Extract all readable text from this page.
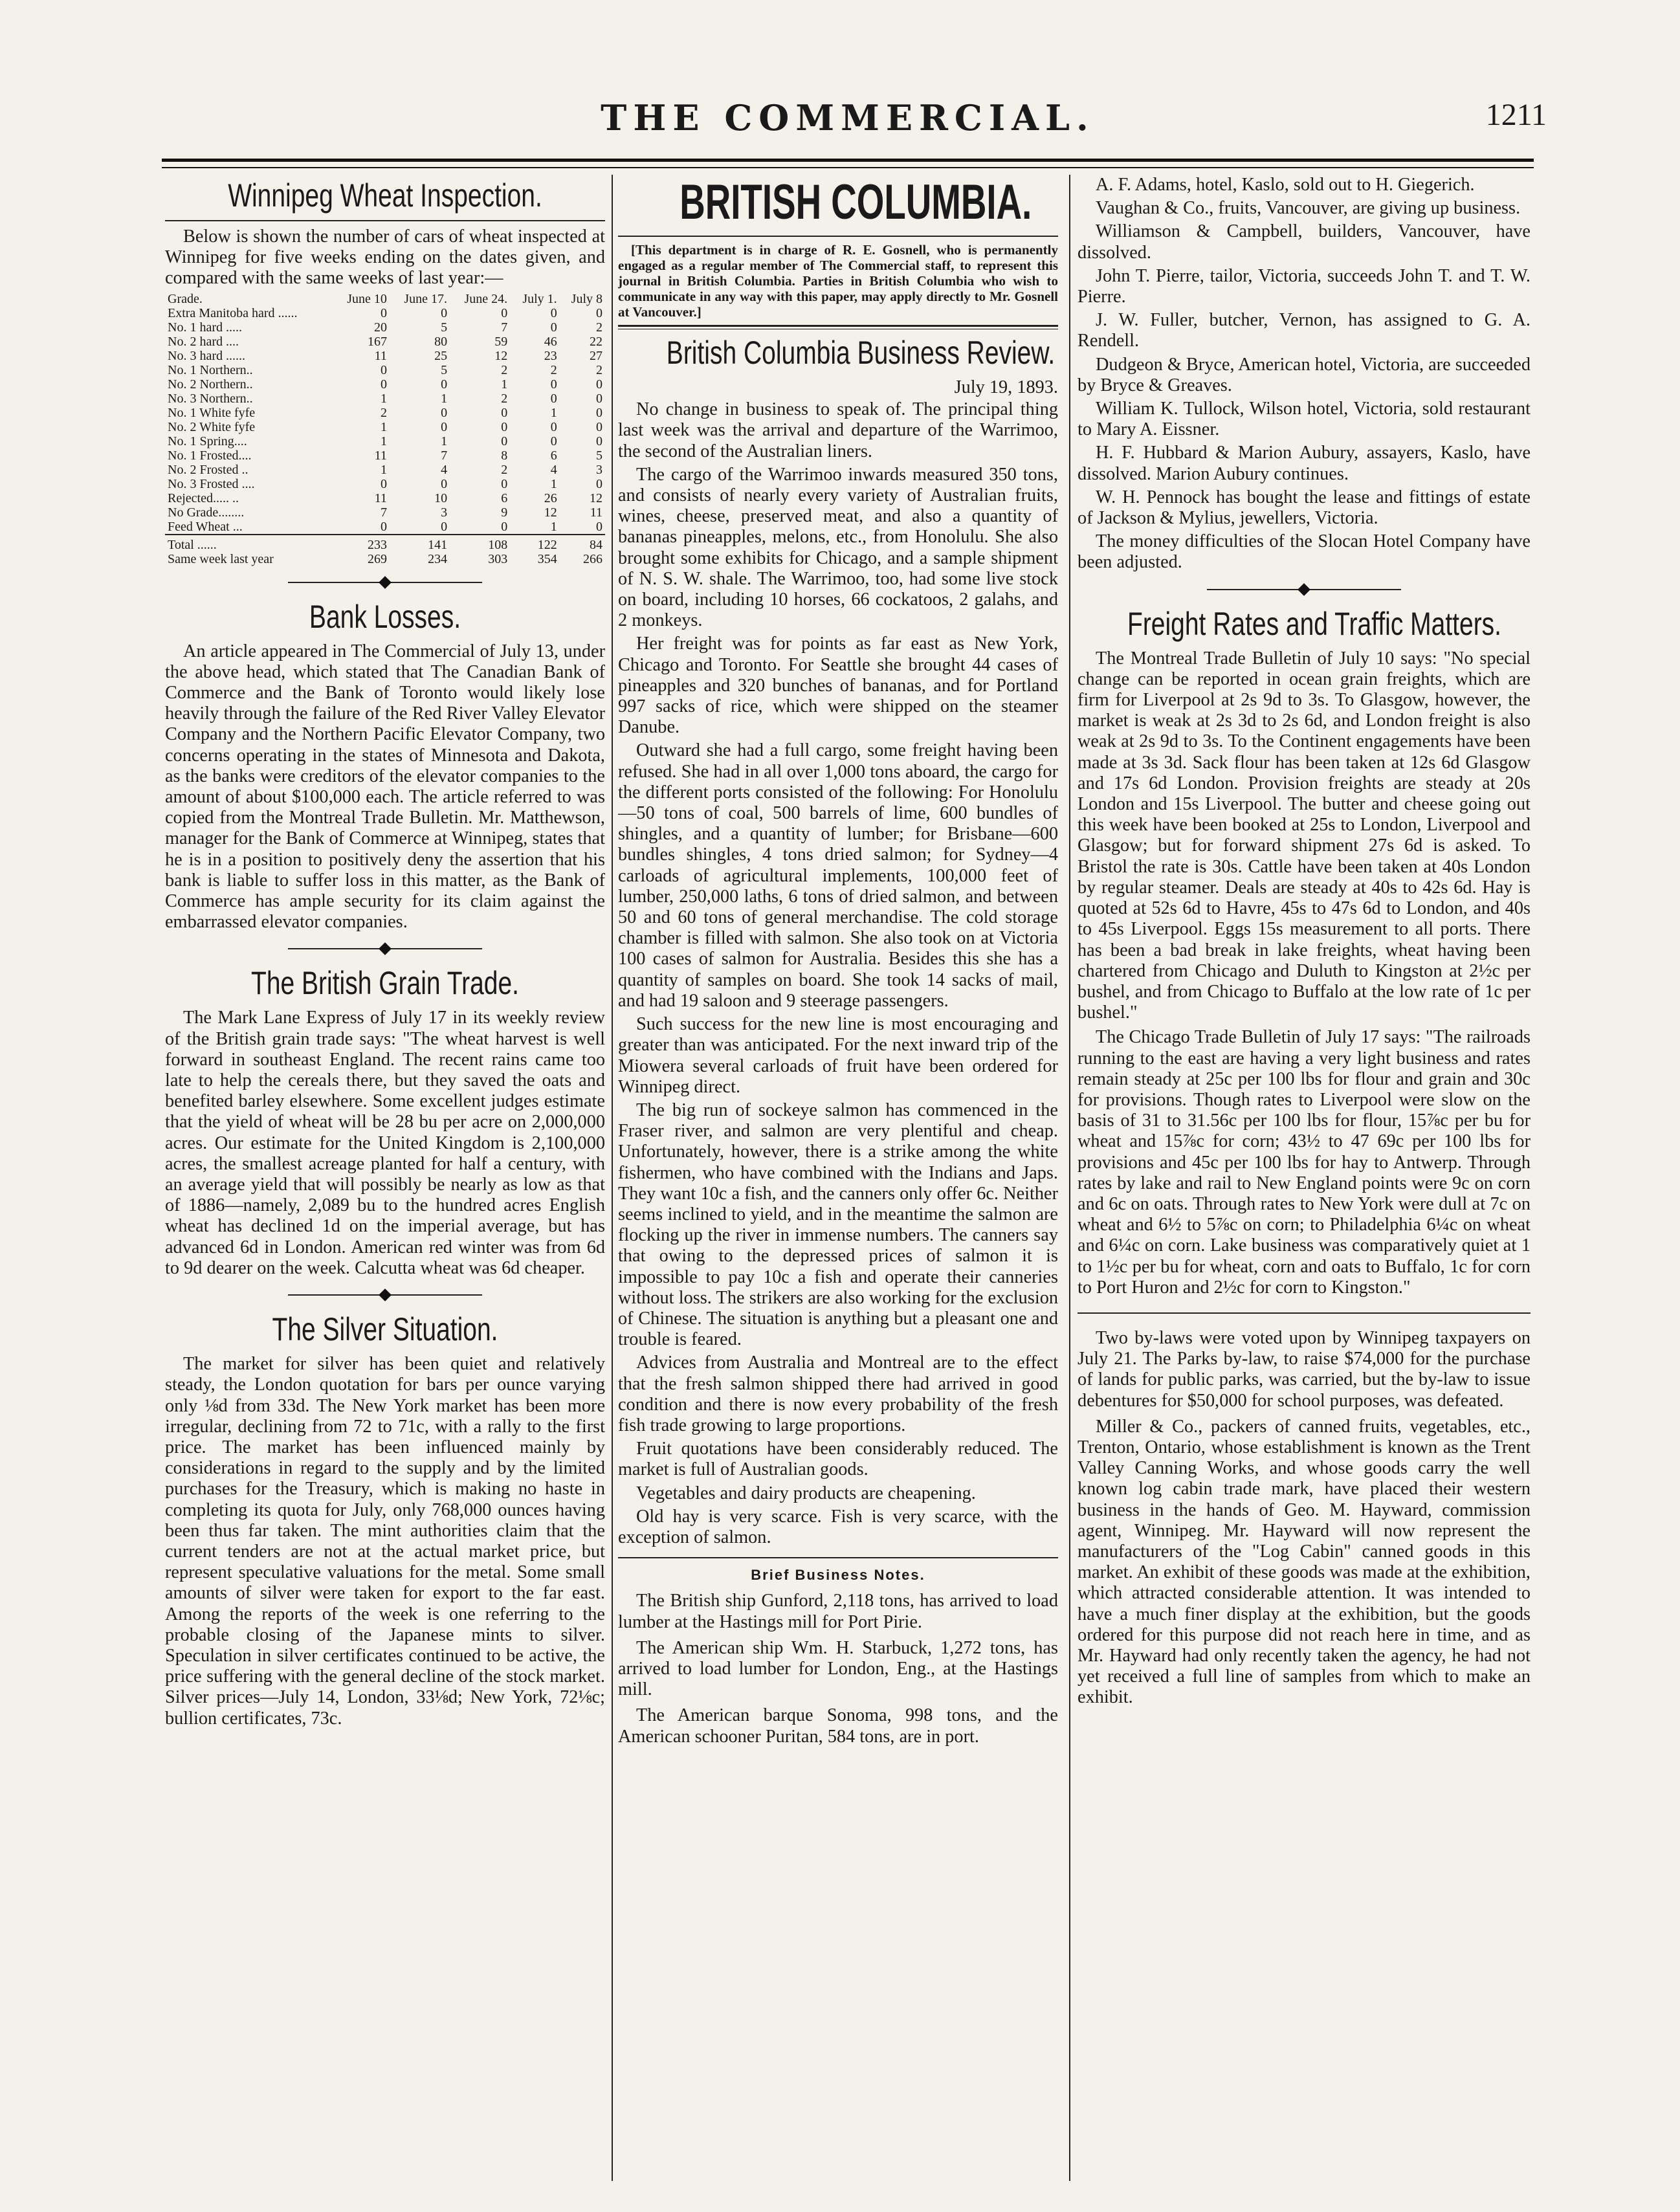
THE COMMERCIAL.	1211
Winnipeg Wheat Inspection.

Below is shown the number of cars of wheat inspected at Winnipeg for five weeks ending on the dates given, and compared with the same weeks of last year:—

Grade.	June 10	June 17.	June 24.	July 1.	July 8
Extra Manitoba hard ......	0	0	0	0	0
No. 1 hard .....	20	5	7	0	2
No. 2 hard ....	167	80	59	46	22
No. 3 hard ......	11	25	12	23	27
No. 1 Northern..	0	5	2	2	2
No. 2 Northern..	0	0	1	0	0
No. 3 Northern..	1	1	2	0	0
No. 1 White fyfe	2	0	0	1	0
No. 2 White fyfe	1	0	0	0	0
No. 1 Spring....	1	1	0	0	0
No. 1 Frosted....	11	7	8	6	5
No. 2 Frosted ..	1	4	2	4	3
No. 3 Frosted ....	0	0	0	1	0
Rejected..... ..	11	10	6	26	12
No Grade........	7	3	9	12	11
Feed Wheat ...	0	0	0	1	0
Total ......	233	141	108	122	84
Same week last year	269	234	303	354	266
Bank Losses.

An article appeared in The Commercial of July 13, under the above head, which stated that The Canadian Bank of Commerce and the Bank of Toronto would likely lose heavily through the failure of the Red River Valley Elevator Company and the Northern Pacific Elevator Company, two concerns operating in the states of Minnesota and Dakota, as the banks were creditors of the elevator companies to the amount of about $100,000 each. The article referred to was copied from the Montreal Trade Bulletin. Mr. Matthewson, manager for the Bank of Commerce at Winnipeg, states that he is in a position to positively deny the assertion that his bank is liable to suffer loss in this matter, as the Bank of Commerce has ample security for its claim against the embarrassed elevator companies.

The British Grain Trade.

The Mark Lane Express of July 17 in its weekly review of the British grain trade says: "The wheat harvest is well forward in southeast England. The recent rains came too late to help the cereals there, but they saved the oats and benefited barley elsewhere. Some excellent judges estimate that the yield of wheat will be 28 bu per acre on 2,000,000 acres. Our estimate for the United Kingdom is 2,100,000 acres, the smallest acreage planted for half a century, with an average yield that will possibly be nearly as low as that of 1886—namely, 2,089 bu to the hundred acres English wheat has declined 1d on the imperial average, but has advanced 6d in London. American red winter was from 6d to 9d dearer on the week. Calcutta wheat was 6d cheaper.

The Silver Situation.

The market for silver has been quiet and relatively steady, the London quotation for bars per ounce varying only ⅛d from 33d. The New York market has been more irregular, declining from 72 to 71c, with a rally to the first price. The market has been influenced mainly by considerations in regard to the supply and by the limited purchases for the Treasury, which is making no haste in completing its quota for July, only 768,000 ounces having been thus far taken. The mint authorities claim that the current tenders are not at the actual market price, but represent speculative valuations for the metal. Some small amounts of silver were taken for export to the far east. Among the reports of the week is one referring to the probable closing of the Japanese mints to silver. Speculation in silver certificates continued to be active, the price suffering with the general decline of the stock market. Silver prices—July 14, London, 33⅛d; New York, 72⅛c; bullion certificates, 73c.

BRITISH COLUMBIA.

[This department is in charge of R. E. Gosnell, who is permanently engaged as a regular member of The Commercial staff, to represent this journal in British Columbia. Parties in British Columbia who wish to communicate in any way with this paper, may apply directly to Mr. Gosnell at Vancouver.]

British Columbia Business Review.

July 19, 1893.

No change in business to speak of. The principal thing last week was the arrival and departure of the Warrimoo, the second of the Australian liners.

The cargo of the Warrimoo inwards measured 350 tons, and consists of nearly every variety of Australian fruits, wines, cheese, preserved meat, and also a quantity of bananas pineapples, melons, etc., from Honolulu. She also brought some exhibits for Chicago, and a sample shipment of N. S. W. shale. The Warrimoo, too, had some live stock on board, including 10 horses, 66 cockatoos, 2 galahs, and 2 monkeys.

Her freight was for points as far east as New York, Chicago and Toronto. For Seattle she brought 44 cases of pineapples and 320 bunches of bananas, and for Portland 997 sacks of rice, which were shipped on the steamer Danube.

Outward she had a full cargo, some freight having been refused. She had in all over 1,000 tons aboard, the cargo for the different ports consisted of the following: For Honolulu—50 tons of coal, 500 barrels of lime, 600 bundles of shingles, and a quantity of lumber; for Brisbane—600 bundles shingles, 4 tons dried salmon; for Sydney—4 carloads of agricultural implements, 100,000 feet of lumber, 250,000 laths, 6 tons of dried salmon, and between 50 and 60 tons of general merchandise. The cold storage chamber is filled with salmon. She also took on at Victoria 100 cases of salmon for Australia. Besides this she has a quantity of samples on board. She took 14 sacks of mail, and had 19 saloon and 9 steerage passengers.

Such success for the new line is most encouraging and greater than was anticipated. For the next inward trip of the Miowera several carloads of fruit have been ordered for Winnipeg direct.

The big run of sockeye salmon has commenced in the Fraser river, and salmon are very plentiful and cheap. Unfortunately, however, there is a strike among the white fishermen, who have combined with the Indians and Japs. They want 10c a fish, and the canners only offer 6c. Neither seems inclined to yield, and in the meantime the salmon are flocking up the river in immense numbers. The canners say that owing to the depressed prices of salmon it is impossible to pay 10c a fish and operate their canneries without loss. The strikers are also working for the exclusion of Chinese. The situation is anything but a pleasant one and trouble is feared.

Advices from Australia and Montreal are to the effect that the fresh salmon shipped there had arrived in good condition and there is now every probability of the fresh fish trade growing to large proportions.

Fruit quotations have been considerably reduced. The market is full of Australian goods.

Vegetables and dairy products are cheapening.

Old hay is very scarce. Fish is very scarce, with the exception of salmon.

Brief Business Notes.

The British ship Gunford, 2,118 tons, has arrived to load lumber at the Hastings mill for Port Pirie.

The American ship Wm. H. Starbuck, 1,272 tons, has arrived to load lumber for London, Eng., at the Hastings mill.

The American barque Sonoma, 998 tons, and the American schooner Puritan, 584 tons, are in port.

A. F. Adams, hotel, Kaslo, sold out to H. Giegerich.

Vaughan & Co., fruits, Vancouver, are giving up business.

Williamson & Campbell, builders, Vancouver, have dissolved.

John T. Pierre, tailor, Victoria, succeeds John T. and T. W. Pierre.

J. W. Fuller, butcher, Vernon, has assigned to G. A. Rendell.

Dudgeon & Bryce, American hotel, Victoria, are succeeded by Bryce & Greaves.

William K. Tullock, Wilson hotel, Victoria, sold restaurant to Mary A. Eissner.

H. F. Hubbard & Marion Aubury, assayers, Kaslo, have dissolved. Marion Aubury continues.

W. H. Pennock has bought the lease and fittings of estate of Jackson & Mylius, jewellers, Victoria.

The money difficulties of the Slocan Hotel Company have been adjusted.

Freight Rates and Traffic Matters.

The Montreal Trade Bulletin of July 10 says: "No special change can be reported in ocean grain freights, which are firm for Liverpool at 2s 9d to 3s. To Glasgow, however, the market is weak at 2s 3d to 2s 6d, and London freight is also weak at 2s 9d to 3s. To the Continent engagements have been made at 3s 3d. Sack flour has been taken at 12s 6d Glasgow and 17s 6d London. Provision freights are steady at 20s London and 15s Liverpool. The butter and cheese going out this week have been booked at 25s to London, Liverpool and Glasgow; but for forward shipment 27s 6d is asked. To Bristol the rate is 30s. Cattle have been taken at 40s London by regular steamer. Deals are steady at 40s to 42s 6d. Hay is quoted at 52s 6d to Havre, 45s to 47s 6d to London, and 40s to 45s Liverpool. Eggs 15s measurement to all ports. There has been a bad break in lake freights, wheat having been chartered from Chicago and Duluth to Kingston at 2½c per bushel, and from Chicago to Buffalo at the low rate of 1c per bushel."

The Chicago Trade Bulletin of July 17 says: "The railroads running to the east are having a very light business and rates remain steady at 25c per 100 lbs for flour and grain and 30c for provisions. Though rates to Liverpool were slow on the basis of 31 to 31.56c per 100 lbs for flour, 15⅞c per bu for wheat and 15⅞c for corn; 43½ to 47 69c per 100 lbs for provisions and 45c per 100 lbs for hay to Antwerp. Through rates by lake and rail to New England points were 9c on corn and 6c on oats. Through rates to New York were dull at 7c on wheat and 6½ to 5⅞c on corn; to Philadelphia 6¼c on wheat and 6¼c on corn. Lake business was comparatively quiet at 1 to 1½c per bu for wheat, corn and oats to Buffalo, 1c for corn to Port Huron and 2½c for corn to Kingston."

Two by-laws were voted upon by Winnipeg taxpayers on July 21. The Parks by-law, to raise $74,000 for the purchase of lands for public parks, was carried, but the by-law to issue debentures for $50,000 for school purposes, was defeated.

Miller & Co., packers of canned fruits, vegetables, etc., Trenton, Ontario, whose establishment is known as the Trent Valley Canning Works, and whose goods carry the well known log cabin trade mark, have placed their western business in the hands of Geo. M. Hayward, commission agent, Winnipeg. Mr. Hayward will now represent the manufacturers of the "Log Cabin" canned goods in this market. An exhibit of these goods was made at the exhibition, which attracted considerable attention. It was intended to have a much finer display at the exhibition, but the goods ordered for this purpose did not reach here in time, and as Mr. Hayward had only recently taken the agency, he had not yet received a full line of samples from which to make an exhibit.
